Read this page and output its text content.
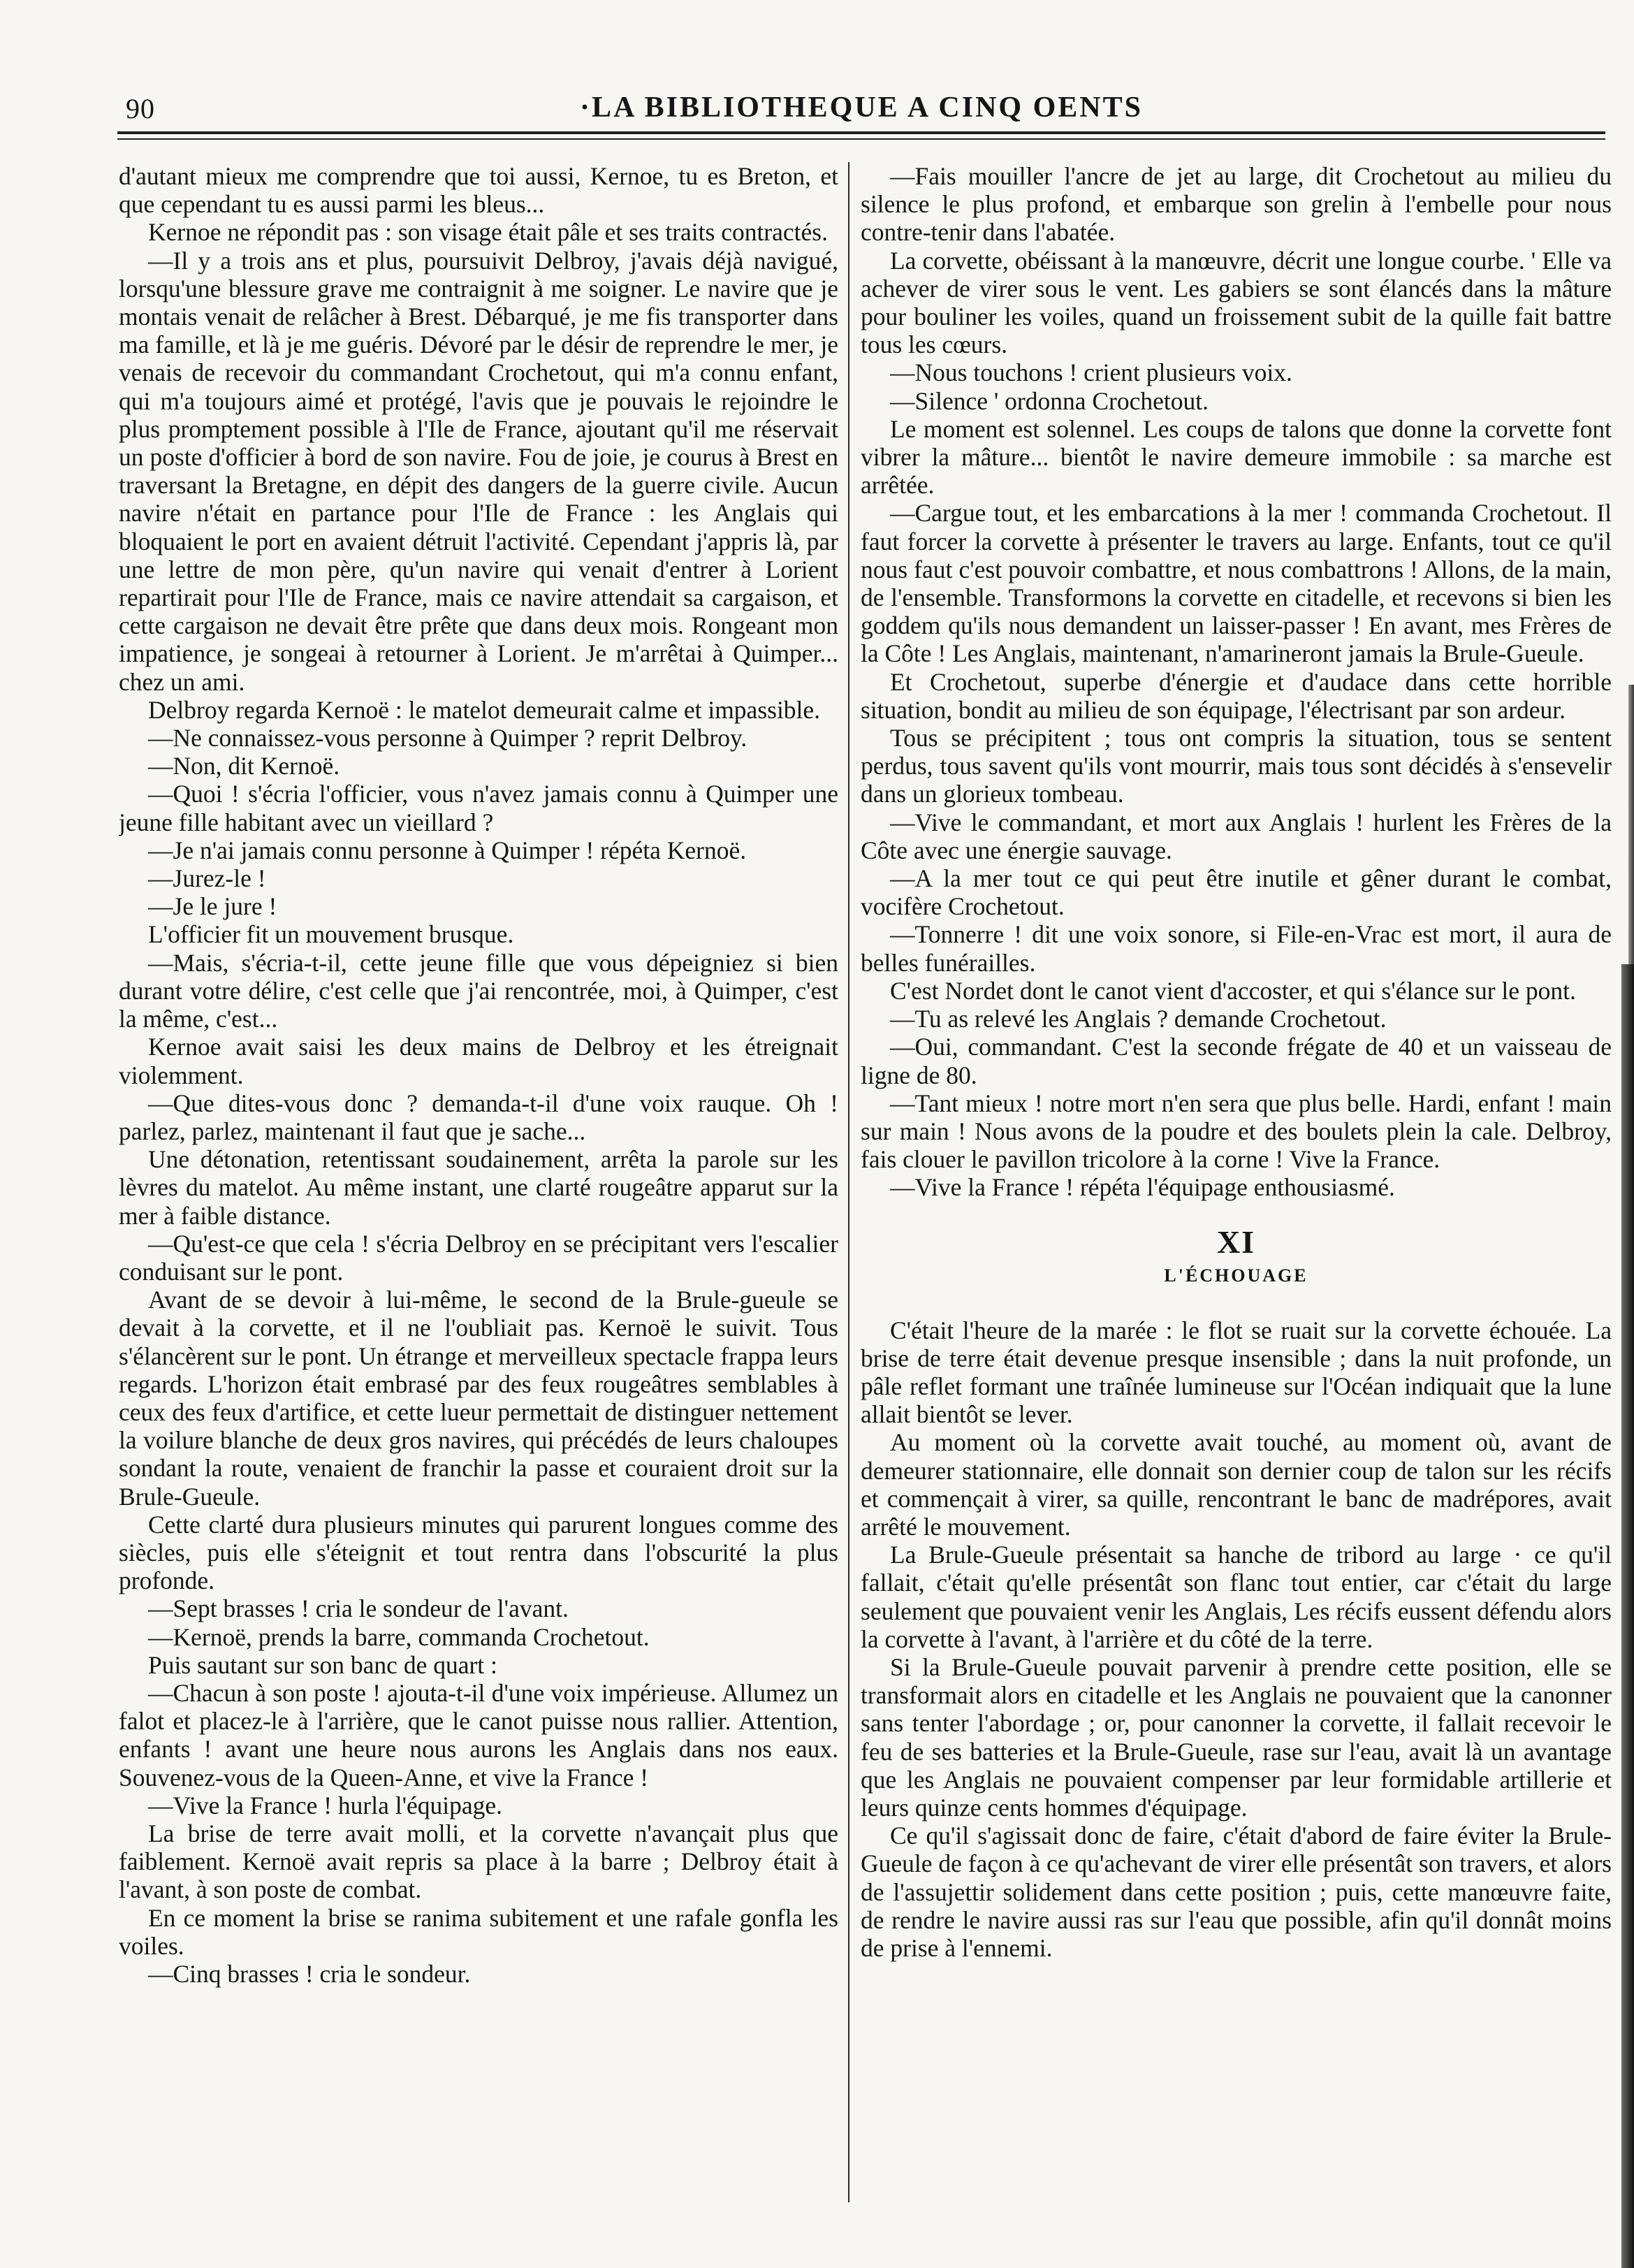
90	·LA BIBLIOTHEQUE A CINQ OENTS

d'autant mieux me comprendre que toi aussi, Kernoe, tu es Breton, et que cependant tu es aussi parmi les bleus...

Kernoe ne répondit pas : son visage était pâle et ses traits contractés.

—Il y a trois ans et plus, poursuivit Delbroy, j'avais déjà navigué, lorsqu'une blessure grave me contraignit à me soigner. Le navire que je montais venait de relâcher à Brest. Débarqué, je me fis transporter dans ma famille, et là je me guéris. Dévoré par le désir de reprendre le mer, je venais de recevoir du commandant Crochetout, qui m'a connu enfant, qui m'a toujours aimé et protégé, l'avis que je pouvais le rejoindre le plus promptement possible à l'Ile de France, ajoutant qu'il me réservait un poste d'officier à bord de son navire. Fou de joie, je courus à Brest en traversant la Bretagne, en dépit des dangers de la guerre civile. Aucun navire n'était en partance pour l'Ile de France : les Anglais qui bloquaient le port en avaient détruit l'activité. Cependant j'appris là, par une lettre de mon père, qu'un navire qui venait d'entrer à Lorient repartirait pour l'Ile de France, mais ce navire attendait sa cargaison, et cette cargaison ne devait être prête que dans deux mois. Rongeant mon impatience, je songeai à retourner à Lorient. Je m'arrêtai à Quimper... chez un ami.

Delbroy regarda Kernoë : le matelot demeurait calme et impassible.

—Ne connaissez-vous personne à Quimper ? reprit Delbroy.

—Non, dit Kernoë.

—Quoi ! s'écria l'officier, vous n'avez jamais connu à Quimper une jeune fille habitant avec un vieillard ?

—Je n'ai jamais connu personne à Quimper ! répéta Kernoë.

—Jurez-le !

—Je le jure !

L'officier fit un mouvement brusque.

—Mais, s'écria-t-il, cette jeune fille que vous dépeigniez si bien durant votre délire, c'est celle que j'ai rencontrée, moi, à Quimper, c'est la même, c'est...

Kernoe avait saisi les deux mains de Delbroy et les étreignait violemment.

—Que dites-vous donc ? demanda-t-il d'une voix rauque. Oh ! parlez, parlez, maintenant il faut que je sache...

Une détonation, retentissant soudainement, arrêta la parole sur les lèvres du matelot. Au même instant, une clarté rougeâtre apparut sur la mer à faible distance.

—Qu'est-ce que cela ! s'écria Delbroy en se précipitant vers l'escalier conduisant sur le pont.

Avant de se devoir à lui-même, le second de la Brule-gueule se devait à la corvette, et il ne l'oubliait pas. Kernoë le suivit. Tous s'élancèrent sur le pont. Un étrange et merveilleux spectacle frappa leurs regards. L'horizon était embrasé par des feux rougeâtres semblables à ceux des feux d'artifice, et cette lueur permettait de distinguer nettement la voilure blanche de deux gros navires, qui précédés de leurs chaloupes sondant la route, venaient de franchir la passe et couraient droit sur la Brule-Gueule.

Cette clarté dura plusieurs minutes qui parurent longues comme des siècles, puis elle s'éteignit et tout rentra dans l'obscurité la plus profonde.

—Sept brasses ! cria le sondeur de l'avant.

—Kernoë, prends la barre, commanda Crochetout.

Puis sautant sur son banc de quart :

—Chacun à son poste ! ajouta-t-il d'une voix impérieuse. Allumez un falot et placez-le à l'arrière, que le canot puisse nous rallier. Attention, enfants ! avant une heure nous aurons les Anglais dans nos eaux. Souvenez-vous de la Queen-Anne, et vive la France !

—Vive la France ! hurla l'équipage.

La brise de terre avait molli, et la corvette n'avançait plus que faiblement. Kernoë avait repris sa place à la barre ; Delbroy était à l'avant, à son poste de combat.

En ce moment la brise se ranima subitement et une rafale gonfla les voiles.

—Cinq brasses ! cria le sondeur.

—Fais mouiller l'ancre de jet au large, dit Crochetout au milieu du silence le plus profond, et embarque son grelin à l'embelle pour nous contre-tenir dans l'abatée.

La corvette, obéissant à la manœuvre, décrit une longue courbe. ' Elle va achever de virer sous le vent. Les gabiers se sont élancés dans la mâture pour bouliner les voiles, quand un froissement subit de la quille fait battre tous les cœurs.

—Nous touchons ! crient plusieurs voix.

—Silence ' ordonna Crochetout.

Le moment est solennel. Les coups de talons que donne la corvette font vibrer la mâture... bientôt le navire demeure immobile : sa marche est arrêtée.

—Cargue tout, et les embarcations à la mer ! commanda Crochetout. Il faut forcer la corvette à présenter le travers au large. Enfants, tout ce qu'il nous faut c'est pouvoir combattre, et nous combattrons ! Allons, de la main, de l'ensemble. Transformons la corvette en citadelle, et recevons si bien les goddem qu'ils nous demandent un laisser-passer ! En avant, mes Frères de la Côte ! Les Anglais, maintenant, n'amarineront jamais la Brule-Gueule.

Et Crochetout, superbe d'énergie et d'audace dans cette horrible situation, bondit au milieu de son équipage, l'électrisant par son ardeur.

Tous se précipitent ; tous ont compris la situation, tous se sentent perdus, tous savent qu'ils vont mourrir, mais tous sont décidés à s'ensevelir dans un glorieux tombeau.

—Vive le commandant, et mort aux Anglais ! hurlent les Frères de la Côte avec une énergie sauvage.

—A la mer tout ce qui peut être inutile et gêner durant le combat, vocifère Crochetout.

—Tonnerre ! dit une voix sonore, si File-en-Vrac est mort, il aura de belles funérailles.

C'est Nordet dont le canot vient d'accoster, et qui s'élance sur le pont.

—Tu as relevé les Anglais ? demande Crochetout.

—Oui, commandant. C'est la seconde frégate de 40 et un vaisseau de ligne de 80.

—Tant mieux ! notre mort n'en sera que plus belle. Hardi, enfant ! main sur main ! Nous avons de la poudre et des boulets plein la cale. Delbroy, fais clouer le pavillon tricolore à la corne ! Vive la France.

—Vive la France ! répéta l'équipage enthousiasmé.

XI
L'ÉCHOUAGE

C'était l'heure de la marée : le flot se ruait sur la corvette échouée. La brise de terre était devenue presque insensible ; dans la nuit profonde, un pâle reflet formant une traînée lumineuse sur l'Océan indiquait que la lune allait bientôt se lever.

Au moment où la corvette avait touché, au moment où, avant de demeurer stationnaire, elle donnait son dernier coup de talon sur les récifs et commençait à virer, sa quille, rencontrant le banc de madrépores, avait arrêté le mouvement.

La Brule-Gueule présentait sa hanche de tribord au large · ce qu'il fallait, c'était qu'elle présentât son flanc tout entier, car c'était du large seulement que pouvaient venir les Anglais, Les récifs eussent défendu alors la corvette à l'avant, à l'arrière et du côté de la terre.

Si la Brule-Gueule pouvait parvenir à prendre cette position, elle se transformait alors en citadelle et les Anglais ne pouvaient que la canonner sans tenter l'abordage ; or, pour canonner la corvette, il fallait recevoir le feu de ses batteries et la Brule-Gueule, rase sur l'eau, avait là un avantage que les Anglais ne pouvaient compenser par leur formidable artillerie et leurs quinze cents hommes d'équipage.

Ce qu'il s'agissait donc de faire, c'était d'abord de faire éviter la Brule-Gueule de façon à ce qu'achevant de virer elle présentât son travers, et alors de l'assujettir solidement dans cette position ; puis, cette manœuvre faite, de rendre le navire aussi ras sur l'eau que possible, afin qu'il donnât moins de prise à l'ennemi.
